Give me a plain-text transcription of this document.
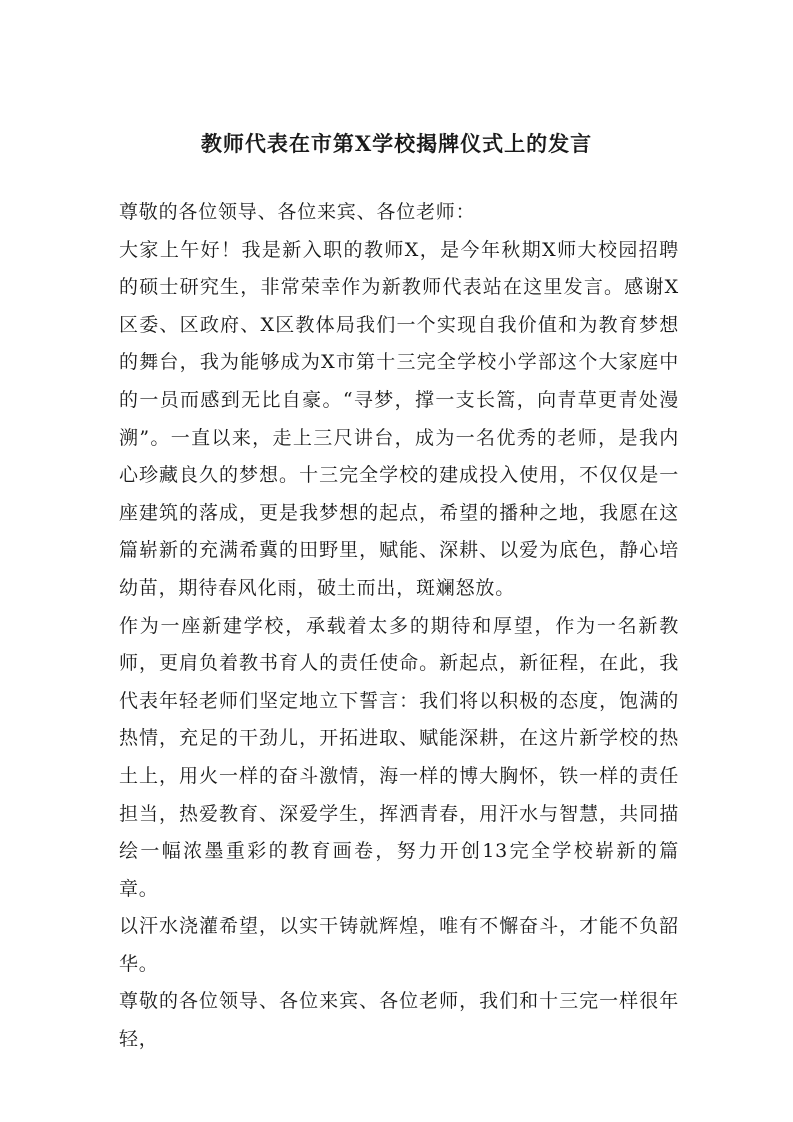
教师代表在市第X学校揭牌仪式上的发言

尊敬的各位领导、各位来宾、各位老师：

大家上午好！我是新入职的教师X，是今年秋期X师大校园招聘的硕士研究生，非常荣幸作为新教师代表站在这里发言。感谢X区委、区政府、X区教体局我们一个实现自我价值和为教育梦想的舞台，我为能够成为X市第十三完全学校小学部这个大家庭中的一员而感到无比自豪。“寻梦，撑一支长篙，向青草更青处漫溯”。一直以来，走上三尺讲台，成为一名优秀的老师，是我内心珍藏良久的梦想。十三完全学校的建成投入使用，不仅仅是一座建筑的落成，更是我梦想的起点，希望的播种之地，我愿在这篇崭新的充满希冀的田野里，赋能、深耕、以爱为底色，静心培幼苗，期待春风化雨，破土而出，斑斓怒放。

作为一座新建学校，承载着太多的期待和厚望，作为一名新教师，更肩负着教书育人的责任使命。新起点，新征程，在此，我代表年轻老师们坚定地立下誓言：我们将以积极的态度，饱满的热情，充足的干劲儿，开拓进取、赋能深耕，在这片新学校的热土上，用火一样的奋斗激情，海一样的博大胸怀，铁一样的责任担当，热爱教育、深爱学生，挥洒青春，用汗水与智慧，共同描绘一幅浓墨重彩的教育画卷，努力开创13完全学校崭新的篇章。

以汗水浇灌希望，以实干铸就辉煌，唯有不懈奋斗，才能不负韶华。

尊敬的各位领导、各位来宾、各位老师，我们和十三完一样很年轻，
